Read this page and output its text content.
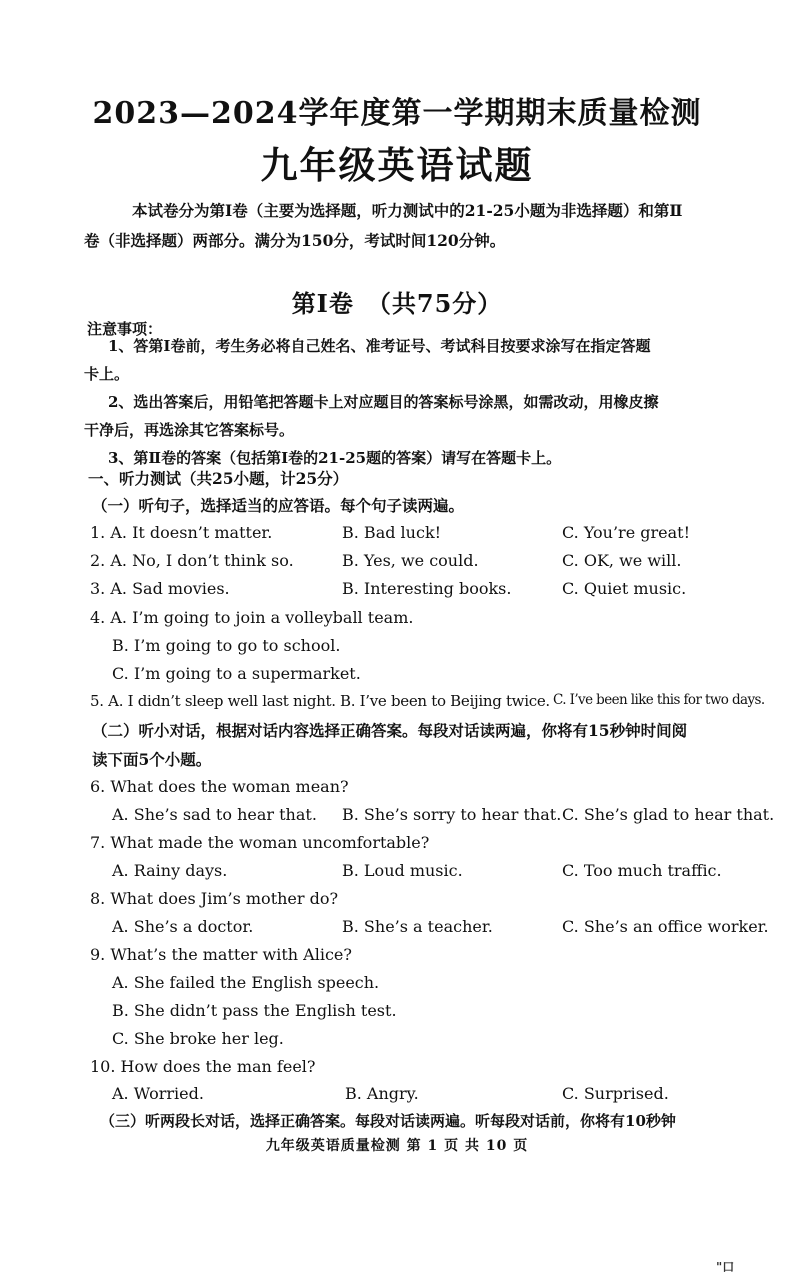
2023—2024学年度第一学期期末质量检测
九年级英语试题
本试卷分为第Ⅰ卷（主要为选择题，听力测试中的21-25小题为非选择题）和第Ⅱ
卷（非选择题）两部分。满分为150分，考试时间120分钟。
第Ⅰ卷　（共75分）
注意事项：
1、答第Ⅰ卷前，考生务必将自己姓名、准考证号、考试科目按要求涂写在指定答题
卡上。
2、选出答案后，用铅笔把答题卡上对应题目的答案标号涂黑，如需改动，用橡皮擦
干净后，再选涂其它答案标号。
3、第Ⅱ卷的答案（包括第Ⅰ卷的21-25题的答案）请写在答题卡上。
一、听力测试（共25小题，计25分）
（一）听句子，选择适当的应答语。每个句子读两遍。
1. A. It doesn’t matter.	B. Bad luck!	C. You’re great!
2. A. No, I don’t think so.	B. Yes, we could.	C. OK, we will.
3. A. Sad movies.	B. Interesting books.	C. Quiet music.
4. A. I’m going to join a volleyball team.
B. I’m going to go to school.
C. I’m going to a supermarket.
5. A. I didn’t sleep well last night. B. I’ve been to Beijing twice. C. I’ve been like this for two days.
（二）听小对话，根据对话内容选择正确答案。每段对话读两遍，你将有15秒钟时间阅
读下面5个小题。
6. What does the woman mean?
A. She’s sad to hear that. B. She’s sorry to hear that. C. She’s glad to hear that.
7. What made the woman uncomfortable?
A. Rainy days.	B. Loud music.	C. Too much traffic.
8. What does Jim’s mother do?
A. She’s a doctor.	B. She’s a teacher.	C. She’s an office worker.
9. What’s the matter with Alice?
A. She failed the English speech.
B. She didn’t pass the English test.
C. She broke her leg.
10. How does the man feel?
A. Worried.	B. Angry.	C. Surprised.
（三）听两段长对话，选择正确答案。每段对话读两遍。听每段对话前，你将有10秒钟
九年级英语质量检测 第 1 页 共 10 页
"口
